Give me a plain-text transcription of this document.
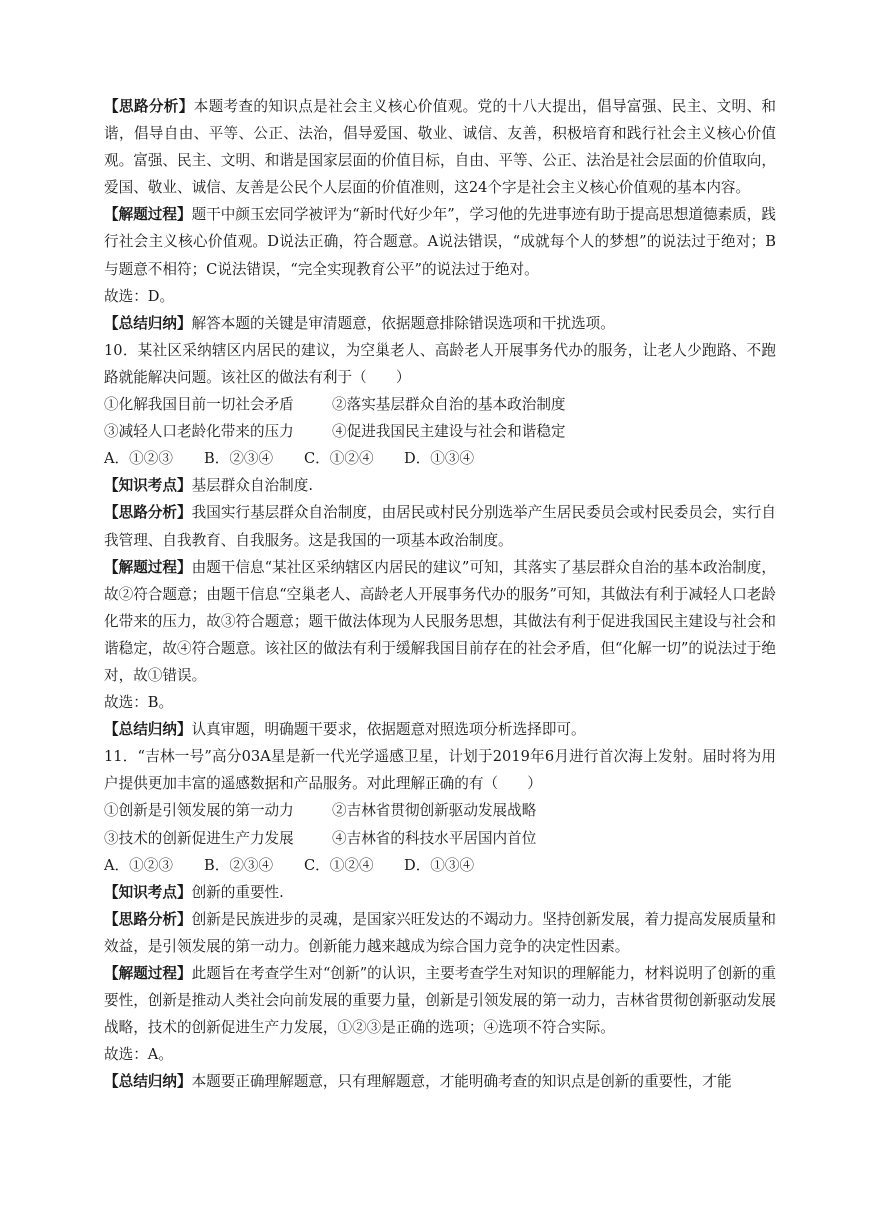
【思路分析】本题考查的知识点是社会主义核心价值观。党的十八大提出，倡导富强、民主、文明、和谐，倡导自由、平等、公正、法治，倡导爱国、敬业、诚信、友善，积极培育和践行社会主义核心价值观。富强、民主、文明、和谐是国家层面的价值目标，自由、平等、公正、法治是社会层面的价值取向，爱国、敬业、诚信、友善是公民个人层面的价值准则，这24个字是社会主义核心价值观的基本内容。

【解题过程】题干中颜玉宏同学被评为“新时代好少年”，学习他的先进事迹有助于提高思想道德素质，践行社会主义核心价值观。D说法正确，符合题意。A说法错误，“成就每个人的梦想”的说法过于绝对；B与题意不相符；C说法错误，“完全实现教育公平”的说法过于绝对。

故选：D。

【总结归纳】解答本题的关键是审清题意，依据题意排除错误选项和干扰选项。

10．某社区采纳辖区内居民的建议，为空巢老人、高龄老人开展事务代办的服务，让老人少跑路、不跑路就能解决问题。该社区的做法有利于（　　）

①化解我国目前一切社会矛盾	②落实基层群众自治的基本政治制度
③减轻人口老龄化带来的压力	④促进我国民主建设与社会和谐稳定
A．①②③	B．②③④	C．①②④	D．①③④

【知识考点】基层群众自治制度.

【思路分析】我国实行基层群众自治制度，由居民或村民分别选举产生居民委员会或村民委员会，实行自我管理、自我教育、自我服务。这是我国的一项基本政治制度。

【解题过程】由题干信息“某社区采纳辖区内居民的建议”可知，其落实了基层群众自治的基本政治制度，故②符合题意；由题干信息“空巢老人、高龄老人开展事务代办的服务”可知，其做法有利于减轻人口老龄化带来的压力，故③符合题意；题干做法体现为人民服务思想，其做法有利于促进我国民主建设与社会和谐稳定，故④符合题意。该社区的做法有利于缓解我国目前存在的社会矛盾，但“化解一切”的说法过于绝对，故①错误。

故选：B。

【总结归纳】认真审题，明确题干要求，依据题意对照选项分析选择即可。

11．“吉林一号”高分03A星是新一代光学遥感卫星，计划于2019年6月进行首次海上发射。届时将为用户提供更加丰富的遥感数据和产品服务。对此理解正确的有（　　）

①创新是引领发展的第一动力	②吉林省贯彻创新驱动发展战略
③技术的创新促进生产力发展	④吉林省的科技水平居国内首位
A．①②③	B．②③④	C．①②④	D．①③④

【知识考点】创新的重要性.

【思路分析】创新是民族进步的灵魂，是国家兴旺发达的不竭动力。坚持创新发展，着力提高发展质量和效益，是引领发展的第一动力。创新能力越来越成为综合国力竞争的决定性因素。

【解题过程】此题旨在考查学生对“创新”的认识，主要考查学生对知识的理解能力，材料说明了创新的重要性，创新是推动人类社会向前发展的重要力量，创新是引领发展的第一动力，吉林省贯彻创新驱动发展战略，技术的创新促进生产力发展，①②③是正确的选项；④选项不符合实际。

故选：A。

【总结归纳】本题要正确理解题意，只有理解题意，才能明确考查的知识点是创新的重要性，才能
